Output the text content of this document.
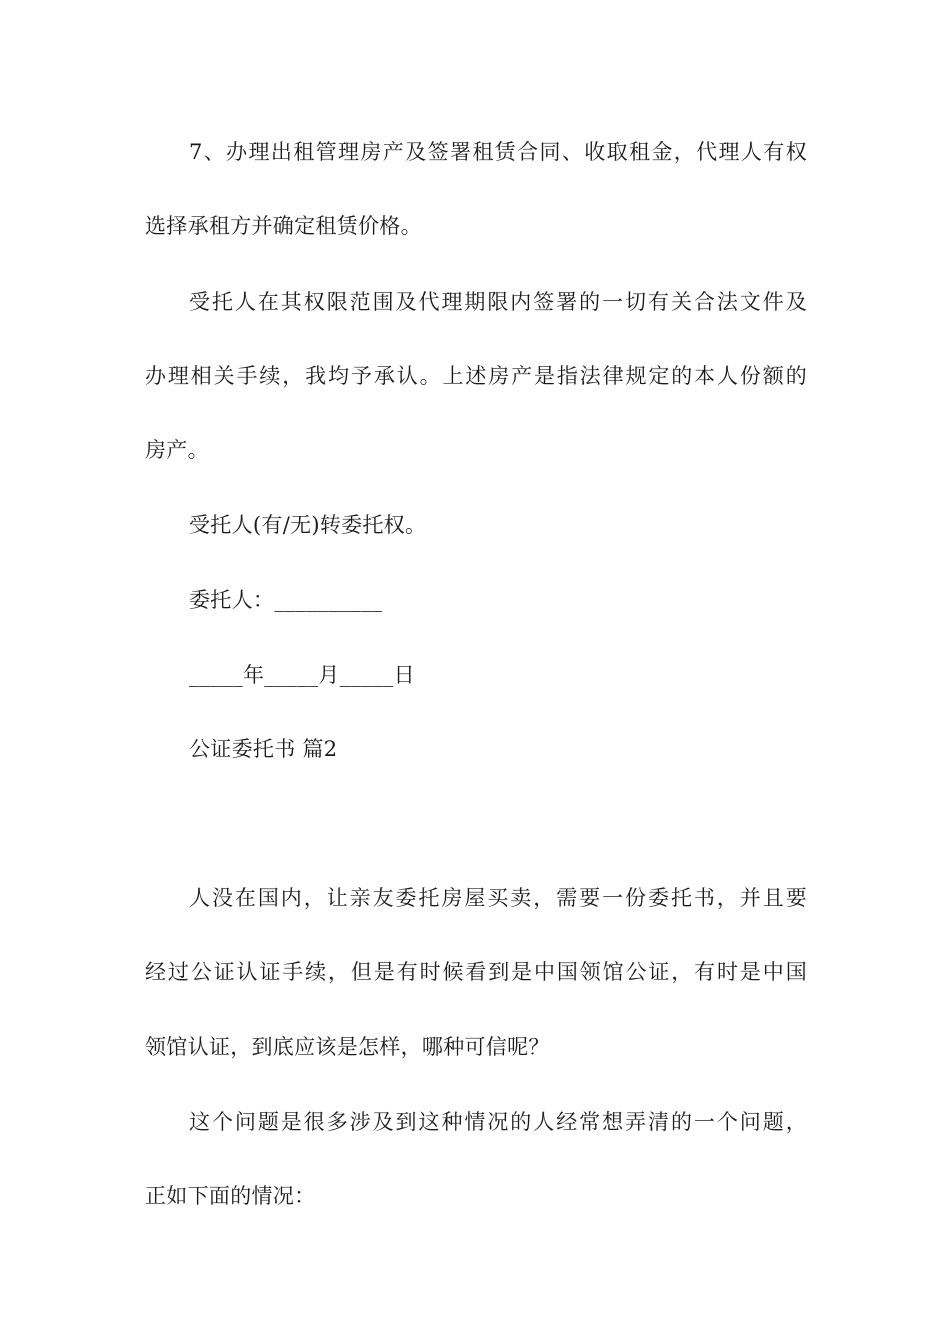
7、办理出租管理房产及签署租赁合同、收取租金，代理人有权
选择承租方并确定租赁价格。
受托人在其权限范围及代理期限内签署的一切有关合法文件及
办理相关手续，我均予承认。上述房产是指法律规定的本人份额的
房产。
受托人(有/无)转委托权。
委托人：__________
_____年_____月_____日
公证委托书 篇2
人没在国内，让亲友委托房屋买卖，需要一份委托书，并且要
经过公证认证手续，但是有时候看到是中国领馆公证，有时是中国
领馆认证，到底应该是怎样，哪种可信呢？
这个问题是很多涉及到这种情况的人经常想弄清的一个问题，
正如下面的情况：
